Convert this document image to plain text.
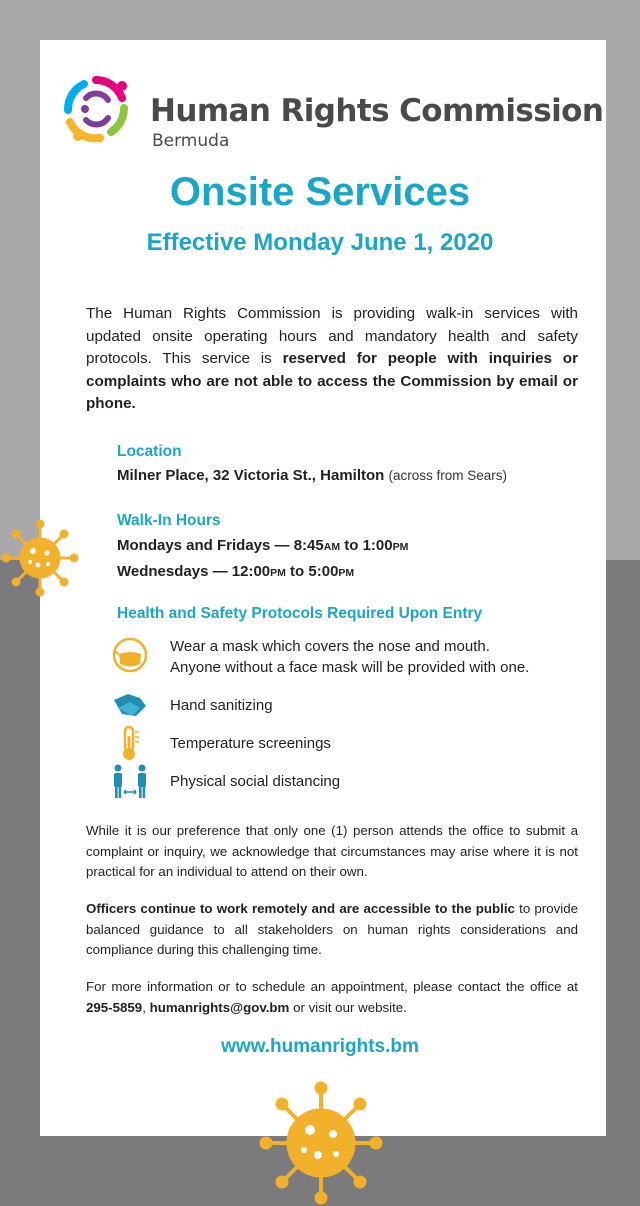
Human Rights Commission
Bermuda
Onsite Services
Effective Monday June 1, 2020
The Human Rights Commission is providing walk-in services with updated onsite operating hours and mandatory health and safety protocols. This service is reserved for people with inquiries or complaints who are not able to access the Commission by email or phone.
Location
Milner Place, 32 Victoria St., Hamilton (across from Sears)
Walk-In Hours
Mondays and Fridays — 8:45AM to 1:00PM
Wednesdays — 12:00PM to 5:00PM
Health and Safety Protocols Required Upon Entry
Wear a mask which covers the nose and mouth.
Anyone without a face mask will be provided with one.
Hand sanitizing
Temperature screenings
Physical social distancing
While it is our preference that only one (1) person attends the office to submit a complaint or inquiry, we acknowledge that circumstances may arise where it is not practical for an individual to attend on their own.
Officers continue to work remotely and are accessible to the public to provide balanced guidance to all stakeholders on human rights considerations and compliance during this challenging time.
For more information or to schedule an appointment, please contact the office at 295-5859, humanrights@gov.bm or visit our website.
www.humanrights.bm
